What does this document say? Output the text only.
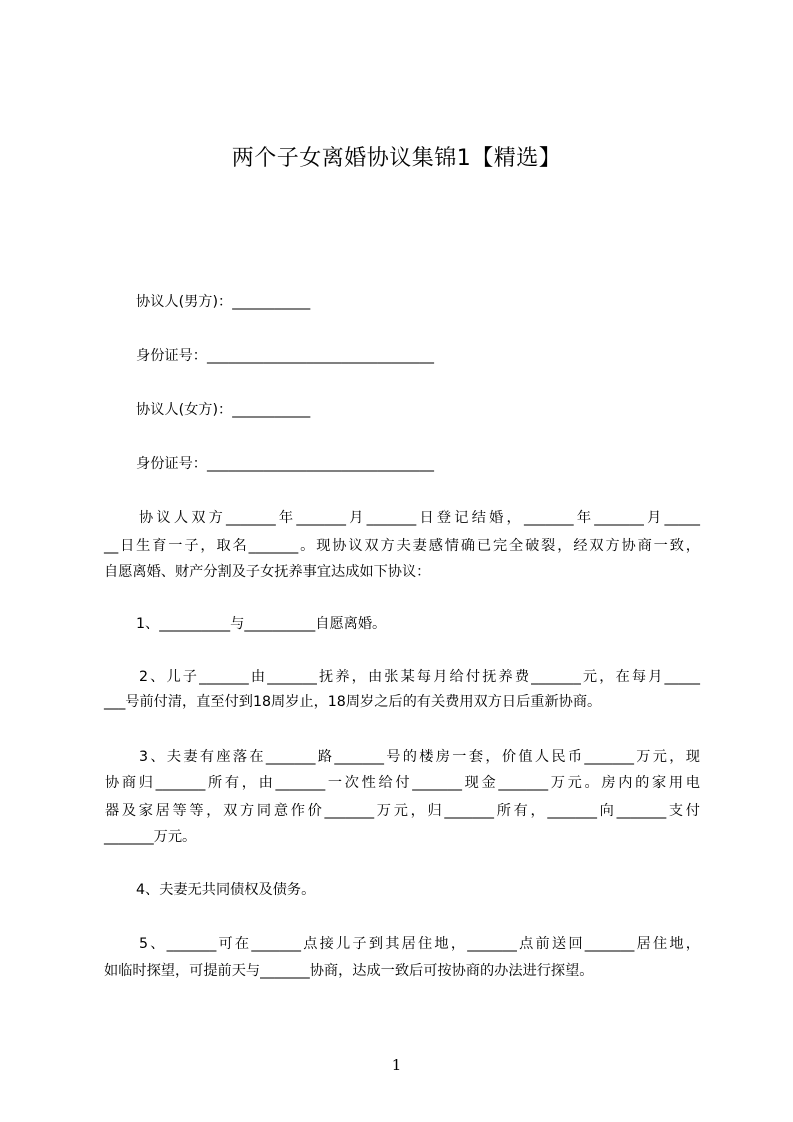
两个子女离婚协议集锦1【精选】
协议人(男方)：___________
身份证号：________________________________
协议人(女方)：___________
身份证号：________________________________
协议人双方_______年_______月_______日登记结婚，_______年_______月_____
__日生育一子，取名_______。现协议双方夫妻感情确已完全破裂，经双方协商一致，
自愿离婚、财产分割及子女抚养事宜达成如下协议：
1、__________与__________自愿离婚。
2、儿子_______由_______抚养，由张某每月给付抚养费_______元，在每月_____
___号前付清，直至付到18周岁止，18周岁之后的有关费用双方日后重新协商。
3、夫妻有座落在_______路_______号的楼房一套，价值人民币_______万元，现
协商归_______所有，由_______一次性给付_______现金_______万元。房内的家用电
器及家居等等，双方同意作价_______万元，归_______所有，_______向_______支付
_______万元。
4、夫妻无共同债权及债务。
5、_______可在_______点接儿子到其居住地，_______点前送回_______居住地，
如临时探望，可提前天与_______协商，达成一致后可按协商的办法进行探望。
1
